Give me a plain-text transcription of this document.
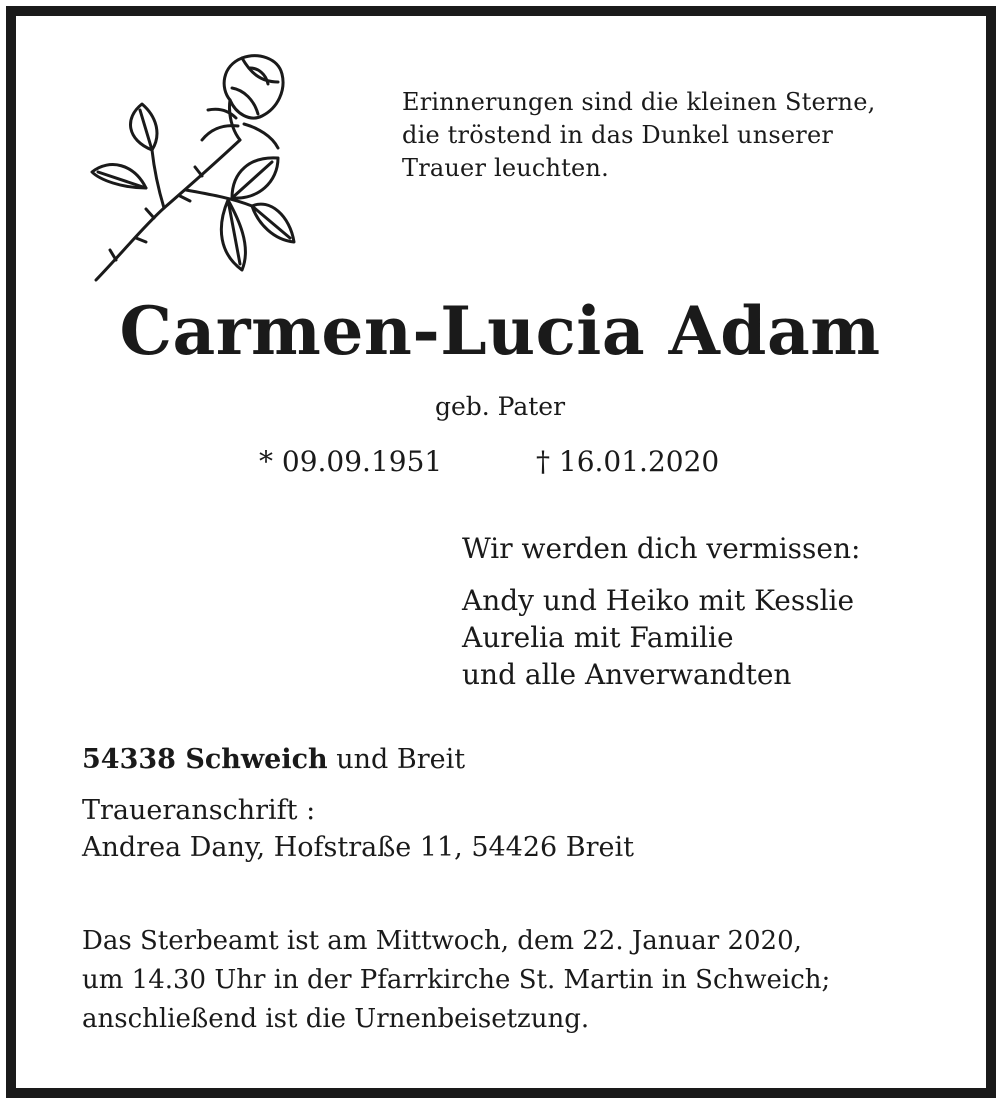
Erinnerungen sind die kleinen Sterne,
die tröstend in das Dunkel unserer
Trauer leuchten.
Carmen-Lucia Adam
geb. Pater
* 09.09.1951	† 16.01.2020
Wir werden dich vermissen:
Andy und Heiko mit Kesslie
Aurelia mit Familie
und alle Anverwandten
54338 Schweich und Breit
Traueranschrift :
Andrea Dany, Hofstraße 11, 54426 Breit
Das Sterbeamt ist am Mittwoch, dem 22. Januar 2020,
um 14.30 Uhr in der Pfarrkirche St. Martin in Schweich;
anschließend ist die Urnenbeisetzung.
